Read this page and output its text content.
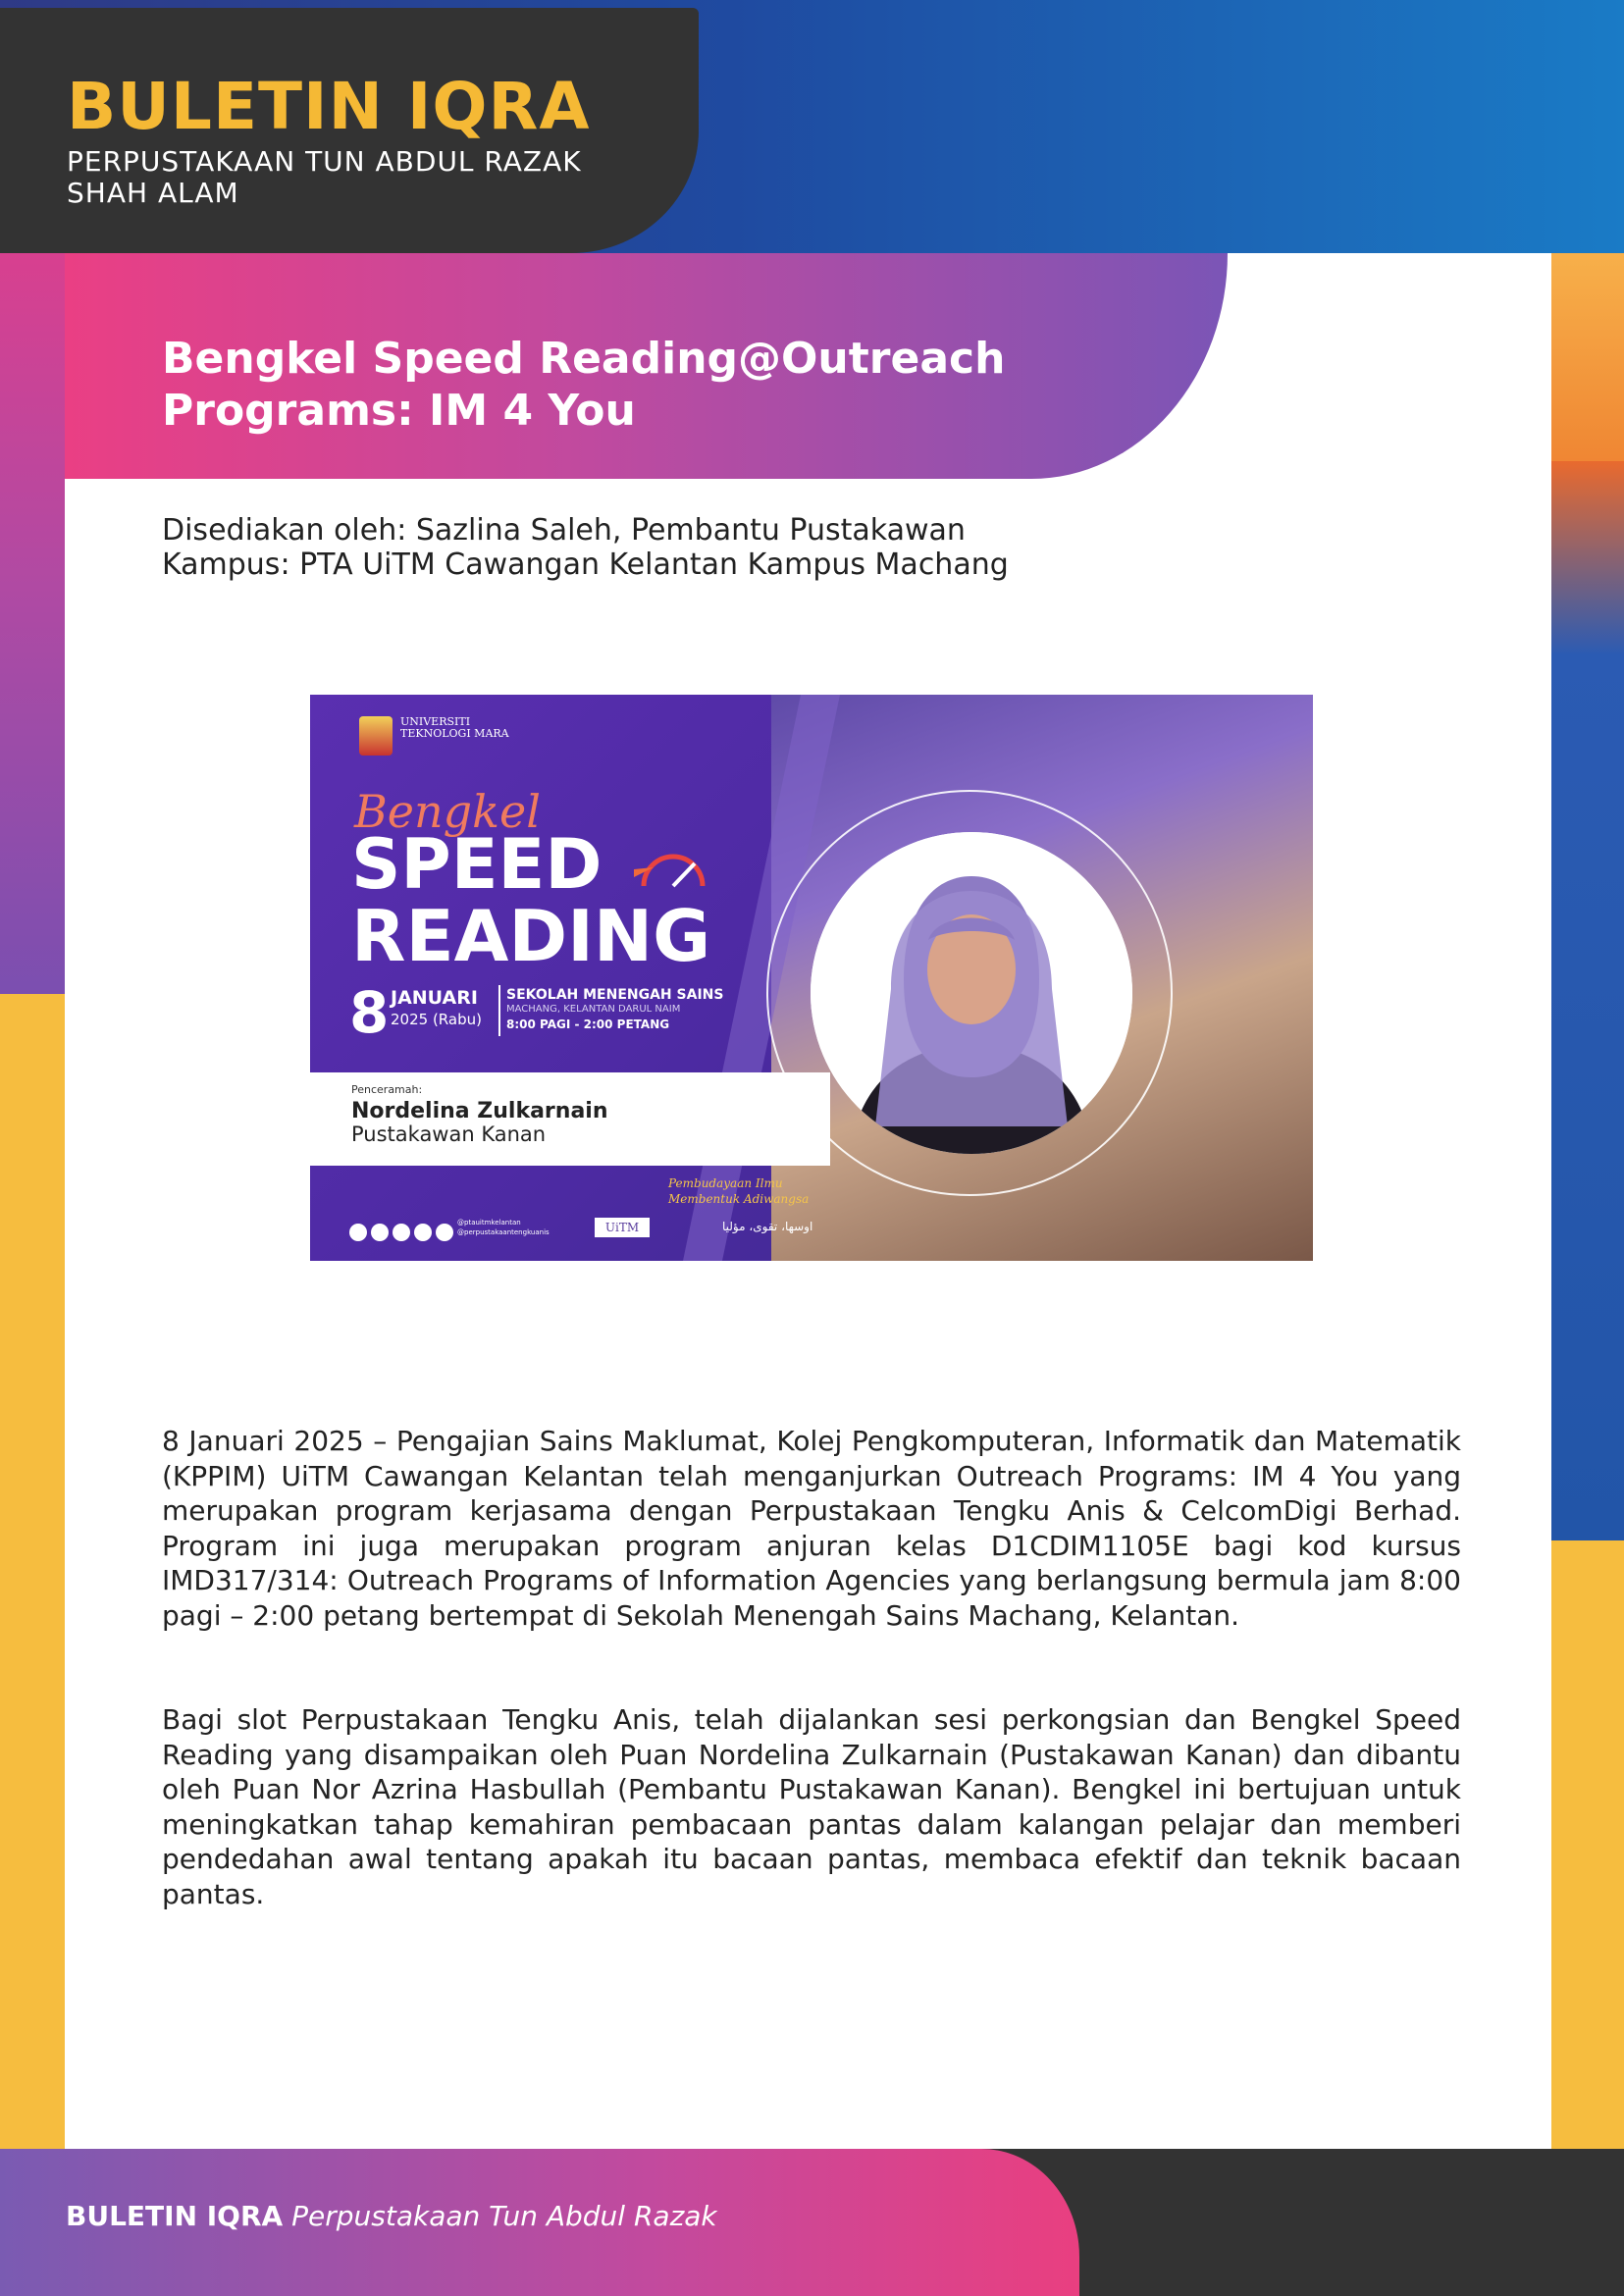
BULETIN IQRA
PERPUSTAKAAN TUN ABDUL RAZAK
SHAH ALAM
Bengkel Speed Reading@Outreach
Programs: IM 4 You
Disediakan oleh: Sazlina Saleh, Pembantu Pustakawan
Kampus: PTA UiTM Cawangan Kelantan Kampus Machang
UNIVERSITI TEKNOLOGI MARA
Bengkel
SPEED
READING
8 JANUARI
2025 (Rabu)
SEKOLAH MENENGAH SAINS
MACHANG, KELANTAN DARUL NAIM
8:00 PAGI - 2:00 PETANG
Penceramah:
Nordelina Zulkarnain
Pustakawan Kanan
Pembudayaan Ilmu Membentuk Adiwangsa
@ptauitmkelantan
@perpustakaantengkuanis	UiTM	اوسها، تقوى، مؤليا
8 Januari 2025 – Pengajian Sains Maklumat, Kolej Pengkomputeran, Informatik dan Matematik (KPPIM) UiTM Cawangan Kelantan telah menganjurkan Outreach Programs: IM 4 You yang merupakan program kerjasama dengan Perpustakaan Tengku Anis & CelcomDigi Berhad. Program ini juga merupakan program anjuran kelas D1CDIM1105E bagi kod kursus IMD317/314: Outreach Programs of Information Agencies yang berlangsung bermula jam 8:00 pagi – 2:00 petang bertempat di Sekolah Menengah Sains Machang, Kelantan.
Bagi slot Perpustakaan Tengku Anis, telah dijalankan sesi perkongsian dan Bengkel Speed Reading yang disampaikan oleh Puan Nordelina Zulkarnain (Pustakawan Kanan) dan dibantu oleh Puan Nor Azrina Hasbullah (Pembantu Pustakawan Kanan). Bengkel ini bertujuan untuk meningkatkan tahap kemahiran pembacaan pantas dalam kalangan pelajar dan memberi pendedahan awal tentang apakah itu bacaan pantas, membaca efektif dan teknik bacaan pantas.
BULETIN IQRA Perpustakaan Tun Abdul Razak
